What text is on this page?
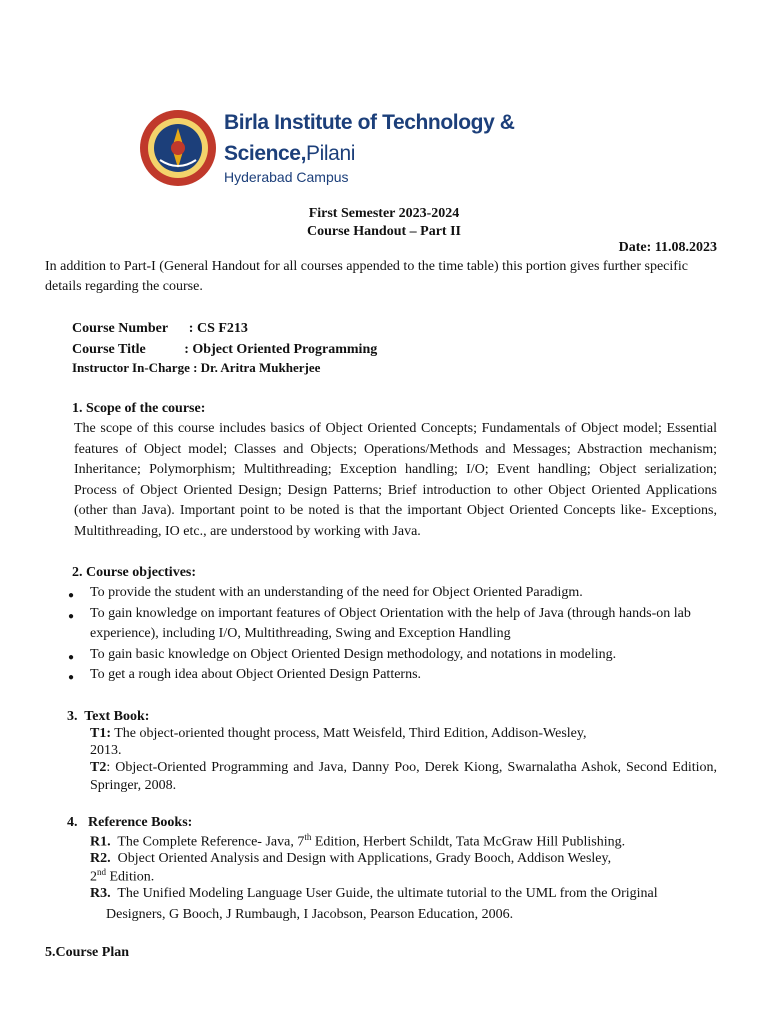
Birla Institute of Technology & Science,Pilani
Hyderabad Campus
First Semester 2023-2024
Course Handout – Part II
Date: 11.08.2023
In addition to Part-I (General Handout for all courses appended to the time table) this portion gives further specific details regarding the course.
Course Number      : CS F213
Course Title           : Object Oriented Programming
Instructor In-Charge : Dr. Aritra Mukherjee
1. Scope of the course:
The scope of this course includes basics of Object Oriented Concepts; Fundamentals of Object model; Essential features of Object model; Classes and Objects; Operations/Methods and Messages; Abstraction mechanism; Inheritance; Polymorphism; Multithreading; Exception handling; I/O; Event handling; Object serialization; Process of Object Oriented Design; Design Patterns; Brief introduction to other Object Oriented Applications (other than Java). Important point to be noted is that the important Object Oriented Concepts like- Exceptions, Multithreading, IO etc., are understood by working with Java.
2. Course objectives:
● To provide the student with an understanding of the need for Object Oriented Paradigm.
● To gain knowledge on important features of Object Orientation with the help of Java (through hands-on lab experience), including I/O, Multithreading, Swing and Exception Handling
● To gain basic knowledge on Object Oriented Design methodology, and notations in modeling.
● To get a rough idea about Object Oriented Design Patterns.
3.  Text Book:
T1: The object-oriented thought process, Matt Weisfeld, Third Edition, Addison-Wesley,
2013.
T2: Object-Oriented Programming and Java, Danny Poo, Derek Kiong, Swarnalatha Ashok, Second Edition, Springer, 2008.
4.   Reference Books:
R1.  The Complete Reference- Java, 7th Edition, Herbert Schildt, Tata McGraw Hill Publishing.
R2.  Object Oriented Analysis and Design with Applications, Grady Booch, Addison Wesley,
2nd Edition.
R3.  The Unified Modeling Language User Guide, the ultimate tutorial to the UML from the Original
Designers, G Booch, J Rumbaugh, I Jacobson, Pearson Education, 2006.
5.Course Plan
